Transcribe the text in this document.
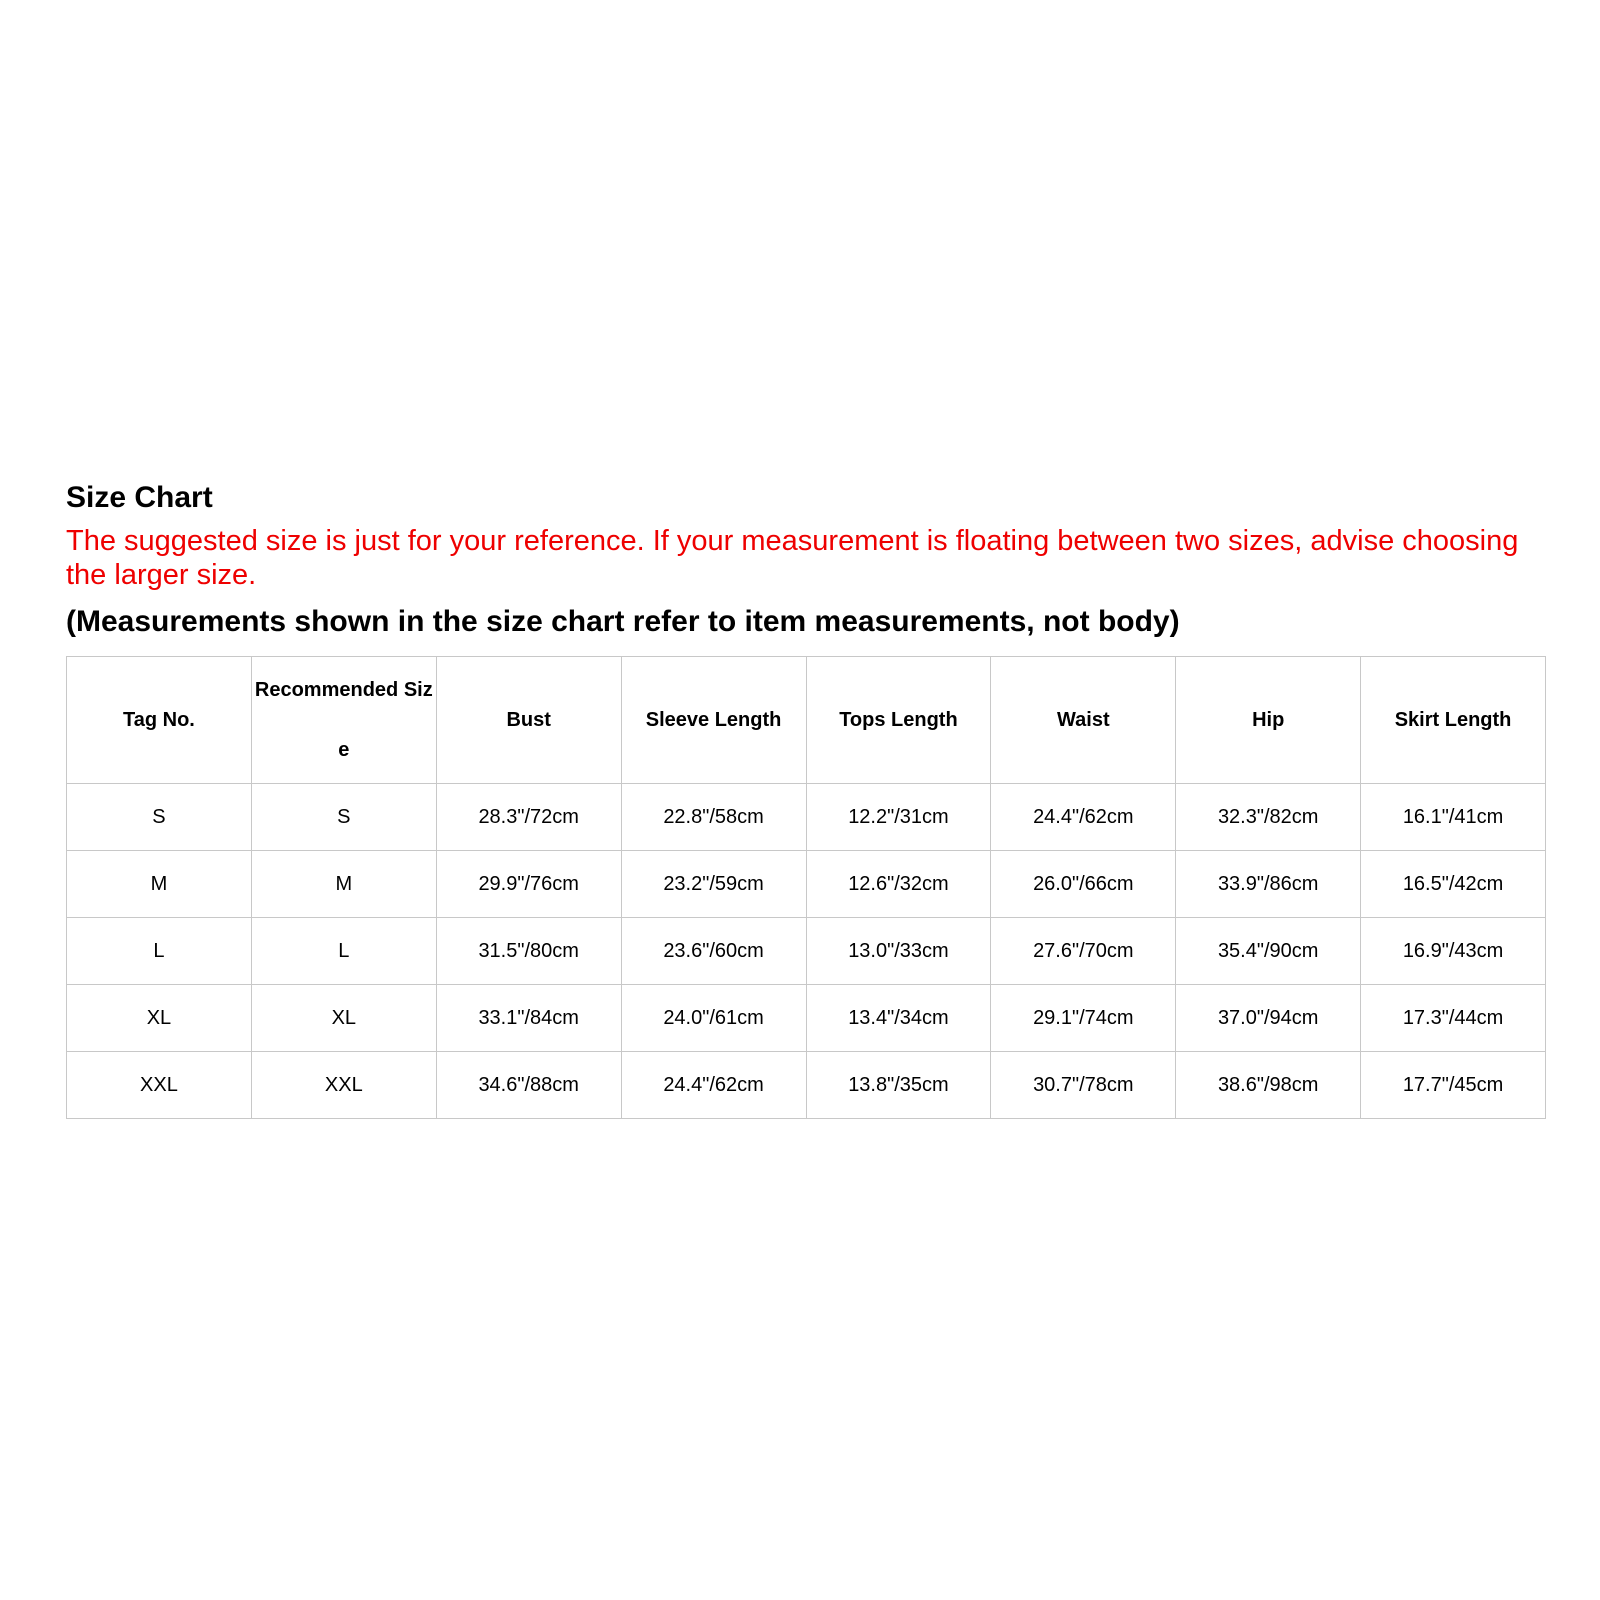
Size Chart

The suggested size is just for your reference. If your measurement is floating between two sizes, advise choosing the larger size.

(Measurements shown in the size chart refer to item measurements, not body)
Tag No.	Recommended Size	Bust	Sleeve Length	Tops Length	Waist	Hip	Skirt Length
S	S	28.3"/72cm	22.8"/58cm	12.2"/31cm	24.4"/62cm	32.3"/82cm	16.1"/41cm
M	M	29.9"/76cm	23.2"/59cm	12.6"/32cm	26.0"/66cm	33.9"/86cm	16.5"/42cm
L	L	31.5"/80cm	23.6"/60cm	13.0"/33cm	27.6"/70cm	35.4"/90cm	16.9"/43cm
XL	XL	33.1"/84cm	24.0"/61cm	13.4"/34cm	29.1"/74cm	37.0"/94cm	17.3"/44cm
XXL	XXL	34.6"/88cm	24.4"/62cm	13.8"/35cm	30.7"/78cm	38.6"/98cm	17.7"/45cm
